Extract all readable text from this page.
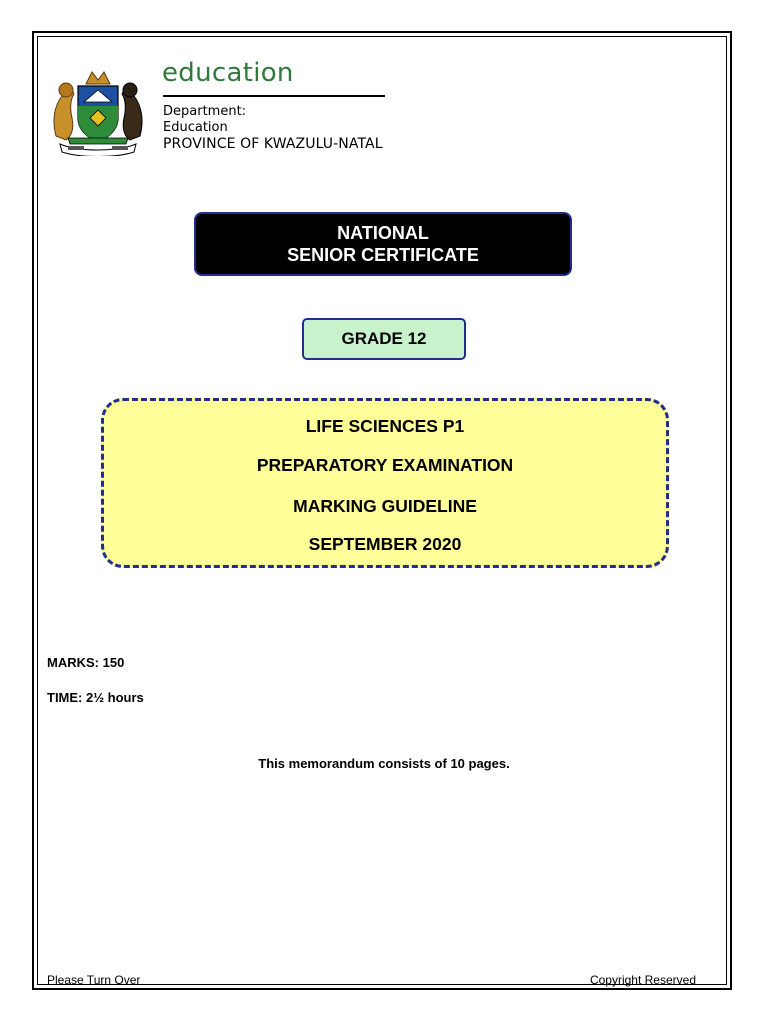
education
Department:
Education
PROVINCE OF KWAZULU-NATAL
NATIONAL
SENIOR CERTIFICATE
GRADE 12
LIFE SCIENCES P1
PREPARATORY EXAMINATION
MARKING GUIDELINE
SEPTEMBER 2020
MARKS: 150
TIME: 2½ hours
This memorandum consists of 10 pages.
Please Turn Over	Copyright Reserved
